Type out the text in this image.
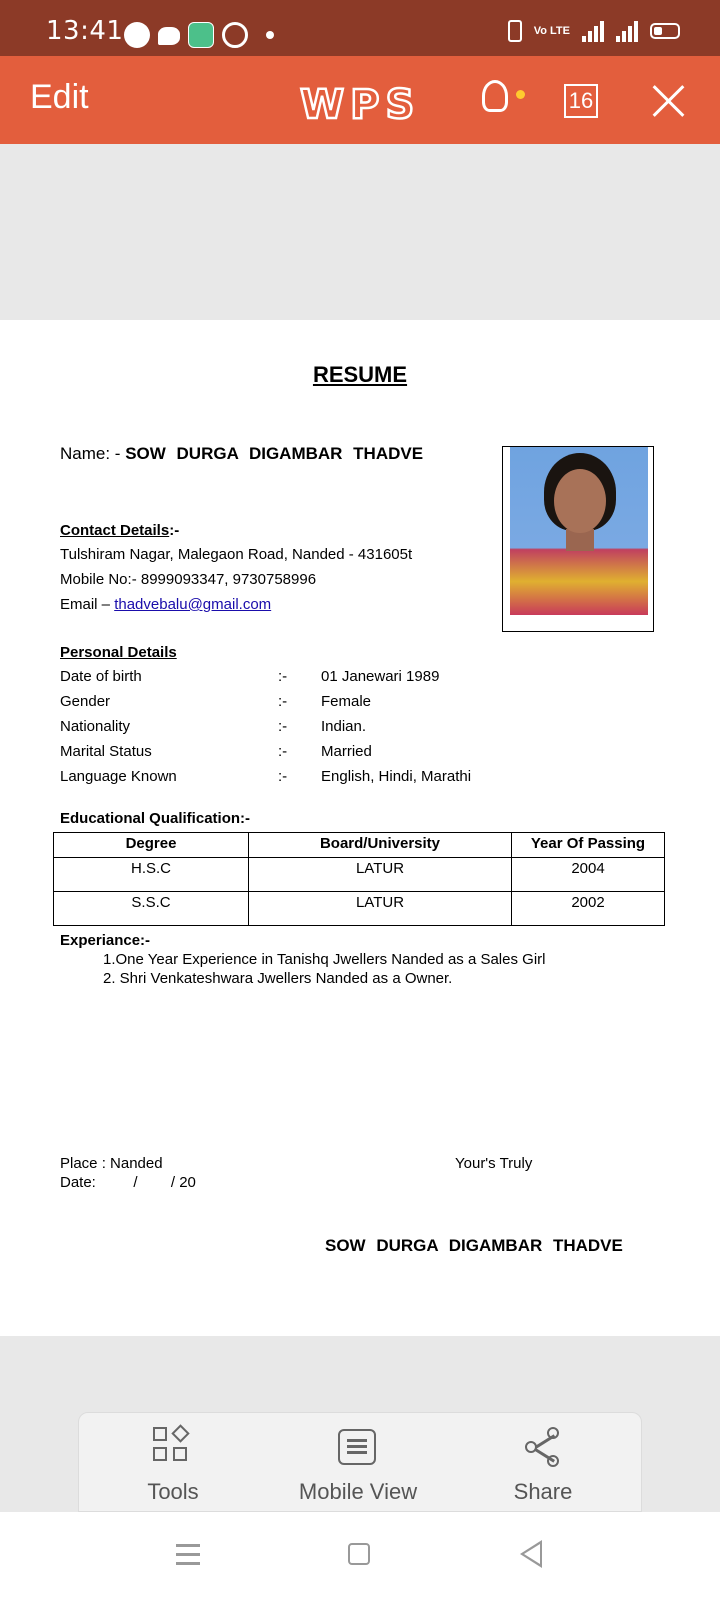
13:41	Vo LTE
Edit	WPS	16
RESUME
Name: - SOW DURGA DIGAMBAR THADVE
Contact Details:-
Tulshiram Nagar, Malegaon Road, Nanded - 431605t
Mobile No:- 8999093347, 9730758996
Email – thadvebalu@gmail.com
Personal Details
Date of birth	:- 01 Janewari 1989
Gender	:- Female
Nationality	:- Indian.
Marital Status	:- Married
Language Known	:- English, Hindi, Marathi
Educational Qualification:-
Degree	Board/University	Year Of Passing
H.S.C	LATUR	2004
S.S.C	LATUR	2002
Experiance:-
1.One Year Experience in Tanishq Jwellers Nanded as a Sales Girl
2. Shri Venkateshwara Jwellers Nanded as a Owner.
Place : Nanded
Date:         /        / 20
Your's Truly
SOW DURGA DIGAMBAR THADVE
Tools	Mobile View	Share
